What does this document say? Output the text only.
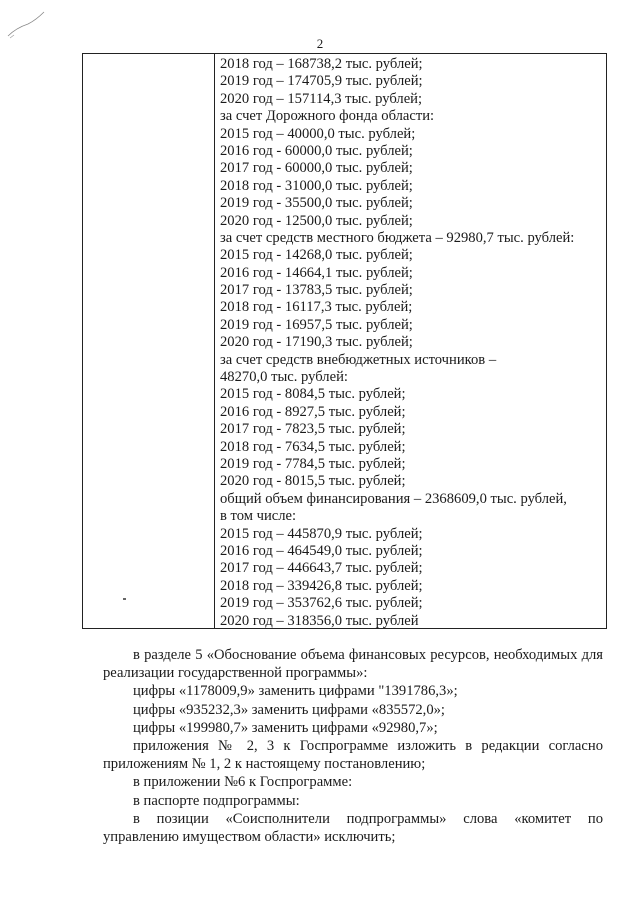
2
2018 год – 168738,2 тыс. рублей;
2019 год – 174705,9 тыс. рублей;
2020 год – 157114,3 тыс. рублей;
за счет Дорожного фонда области:
2015 год – 40000,0 тыс. рублей;
2016 год - 60000,0 тыс. рублей;
2017 год - 60000,0 тыс. рублей;
2018 год - 31000,0 тыс. рублей;
2019 год - 35500,0 тыс. рублей;
2020 год - 12500,0 тыс. рублей;
за счет средств местного бюджета – 92980,7 тыс. рублей:
2015 год - 14268,0 тыс. рублей;
2016 год - 14664,1 тыс. рублей;
2017 год - 13783,5 тыс. рублей;
2018 год - 16117,3 тыс. рублей;
2019 год - 16957,5 тыс. рублей;
2020 год - 17190,3 тыс. рублей;
за счет средств внебюджетных источников –
48270,0 тыс. рублей:
2015 год - 8084,5 тыс. рублей;
2016 год - 8927,5 тыс. рублей;
2017 год - 7823,5 тыс. рублей;
2018 год - 7634,5 тыс. рублей;
2019 год - 7784,5 тыс. рублей;
2020 год - 8015,5 тыс. рублей;
общий объем финансирования – 2368609,0 тыс. рублей,
в том числе:
2015 год – 445870,9 тыс. рублей;
2016 год – 464549,0 тыс. рублей;
2017 год – 446643,7 тыс. рублей;
2018 год – 339426,8 тыс. рублей;
2019 год – 353762,6 тыс. рублей;
2020 год – 318356,0 тыс. рублей
в разделе 5 «Обоснование объема финансовых ресурсов, необходимых для реализации государственной программы»:
цифры «1178009,9» заменить цифрами "1391786,3»;
цифры «935232,3» заменить цифрами «835572,0»;
цифры «199980,7» заменить цифрами «92980,7»;
приложения № 2, 3 к Госпрограмме изложить в редакции согласно приложениям № 1, 2 к настоящему постановлению;
в приложении №6 к Госпрограмме:
в паспорте подпрограммы:
в позиции «Соисполнители подпрограммы» слова «комитет по управлению имуществом области» исключить;
